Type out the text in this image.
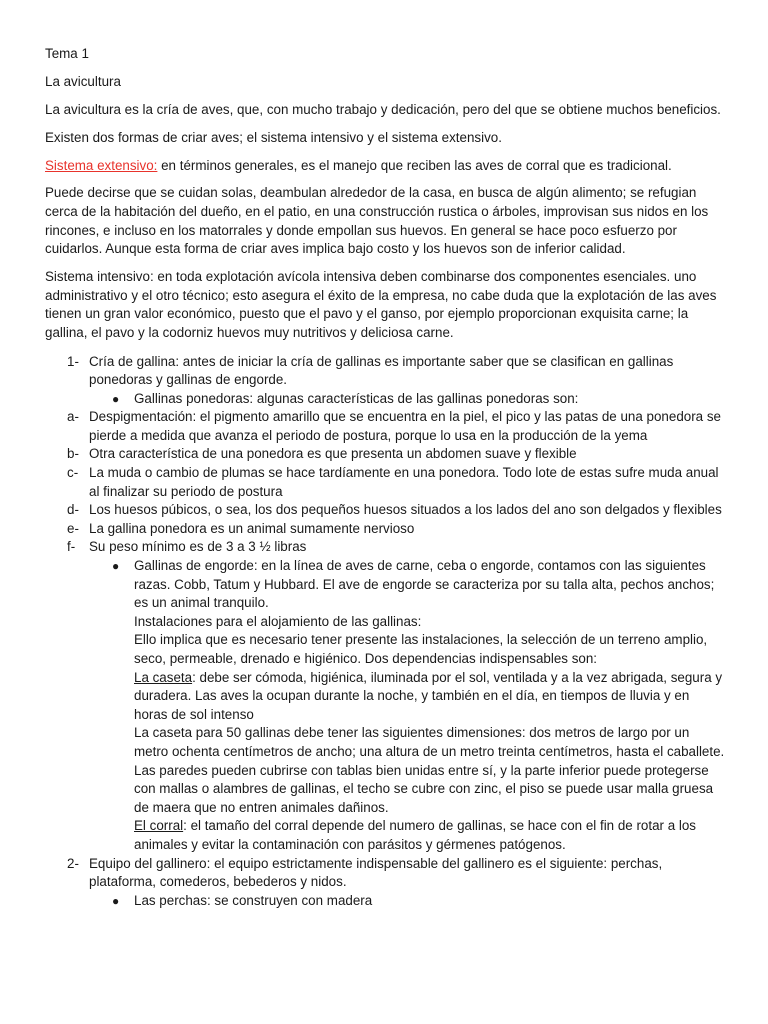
Tema 1

La avicultura

La avicultura es la cría de aves, que, con mucho trabajo y dedicación, pero del que se obtiene muchos beneficios.

Existen dos formas de criar aves; el sistema intensivo y el sistema extensivo.

Sistema extensivo: en términos generales, es el manejo que reciben las aves de corral que es tradicional.

Puede decirse que se cuidan solas, deambulan alrededor de la casa, en busca de algún alimento; se refugian cerca de la habitación del dueño, en el patio, en una construcción rustica o árboles, improvisan sus nidos en los rincones, e incluso en los matorrales y donde empollan sus huevos. En general se hace poco esfuerzo por cuidarlos. Aunque esta forma de criar aves implica bajo costo y los huevos son de inferior calidad.

Sistema intensivo: en toda explotación avícola intensiva deben combinarse dos componentes esenciales. uno administrativo y el otro técnico; esto asegura el éxito de la empresa, no cabe duda que la explotación de las aves tienen un gran valor económico, puesto que el pavo y el ganso, por ejemplo proporcionan exquisita carne; la gallina, el pavo y la codorniz huevos muy nutritivos y deliciosa carne.

1- Cría de gallina: antes de iniciar la cría de gallinas es importante saber que se clasifican en gallinas ponedoras y gallinas de engorde.
● Gallinas ponedoras: algunas características de las gallinas ponedoras son:
a- Despigmentación: el pigmento amarillo que se encuentra en la piel, el pico y las patas de una ponedora se pierde a medida que avanza el periodo de postura, porque lo usa en la producción de la yema
b- Otra característica de una ponedora es que presenta un abdomen suave y flexible
c- La muda o cambio de plumas se hace tardíamente en una ponedora. Todo lote de estas sufre muda anual al finalizar su periodo de postura
d- Los huesos púbicos, o sea, los dos pequeños huesos situados a los lados del ano son delgados y flexibles
e- La gallina ponedora es un animal sumamente nervioso
f- Su peso mínimo es de 3 a 3 ½ libras
● Gallinas de engorde: en la línea de aves de carne, ceba o engorde, contamos con las siguientes razas. Cobb, Tatum y Hubbard. El ave de engorde se caracteriza por su talla alta, pechos anchos; es un animal tranquilo.
Instalaciones para el alojamiento de las gallinas:
Ello implica que es necesario tener presente las instalaciones, la selección de un terreno amplio, seco, permeable, drenado e higiénico. Dos dependencias indispensables son:
La caseta: debe ser cómoda, higiénica, iluminada por el sol, ventilada y a la vez abrigada, segura y duradera. Las aves la ocupan durante la noche, y también en el día, en tiempos de lluvia y en horas de sol intenso
La caseta para 50 gallinas debe tener las siguientes dimensiones: dos metros de largo por un metro ochenta centímetros de ancho; una altura de un metro treinta centímetros, hasta el caballete.
Las paredes pueden cubrirse con tablas bien unidas entre sí, y la parte inferior puede protegerse con mallas o alambres de gallinas, el techo se cubre con zinc, el piso se puede usar malla gruesa de maera que no entren animales dañinos.
El corral: el tamaño del corral depende del numero de gallinas, se hace con el fin de rotar a los animales y evitar la contaminación con parásitos y gérmenes patógenos.
2- Equipo del gallinero: el equipo estrictamente indispensable del gallinero es el siguiente: perchas, plataforma, comederos, bebederos y nidos.
● Las perchas: se construyen con madera
